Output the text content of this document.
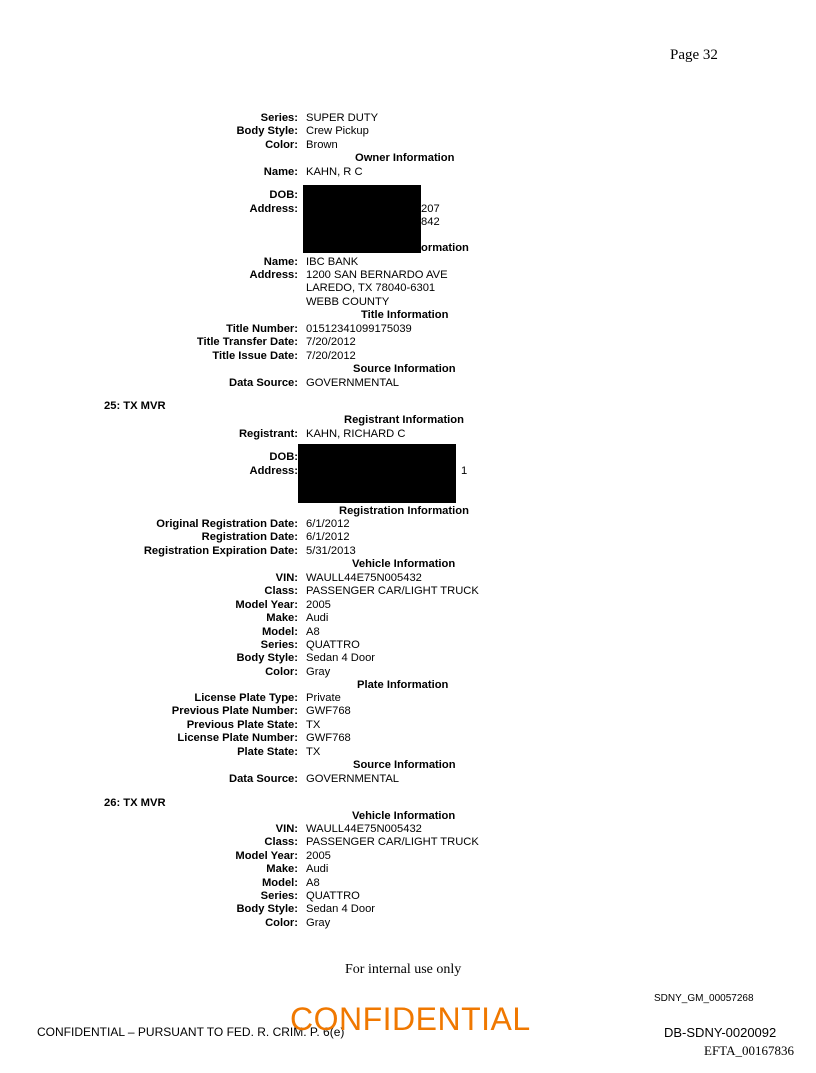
Page 32
Series: SUPER DUTY
Body Style: Crew Pickup
Color: Brown
Owner Information
Name: KAHN, R C
DOB:
Address:	207
842
ormation
Name: IBC BANK
Address: 1200 SAN BERNARDO AVE
LAREDO, TX 78040-6301
WEBB COUNTY
Title Information
Title Number: 01512341099175039
Title Transfer Date: 7/20/2012
Title Issue Date: 7/20/2012
Source Information
Data Source: GOVERNMENTAL
25: TX MVR
Registrant Information
Registrant: KAHN, RICHARD C
DOB:
Address:	1
Registration Information
Original Registration Date: 6/1/2012
Registration Date: 6/1/2012
Registration Expiration Date: 5/31/2013
Vehicle Information
VIN: WAULL44E75N005432
Class: PASSENGER CAR/LIGHT TRUCK
Model Year: 2005
Make: Audi
Model: A8
Series: QUATTRO
Body Style: Sedan 4 Door
Color: Gray
Plate Information
License Plate Type: Private
Previous Plate Number: GWF768
Previous Plate State: TX
License Plate Number: GWF768
Plate State: TX
Source Information
Data Source: GOVERNMENTAL
26: TX MVR
Vehicle Information
VIN: WAULL44E75N005432
Class: PASSENGER CAR/LIGHT TRUCK
Model Year: 2005
Make: Audi
Model: A8
Series: QUATTRO
Body Style: Sedan 4 Door
Color: Gray
For internal use only
SDNY_GM_00057268
CONFIDENTIAL – PURSUANT TO FED. R. CRIM. P. 6(e)
CONFIDENTIAL	DB-SDNY-0020092
EFTA_00167836
